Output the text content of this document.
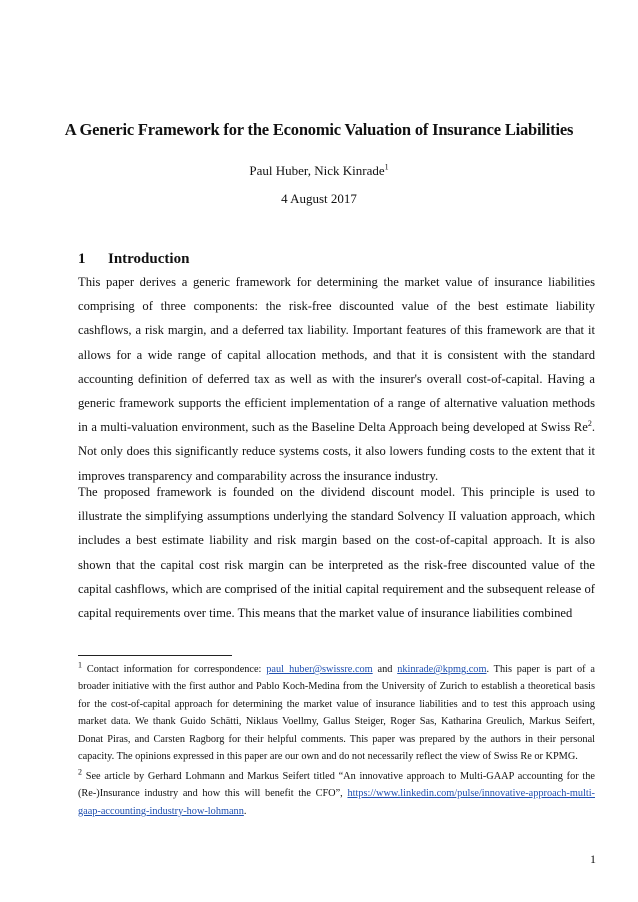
A Generic Framework for the Economic Valuation of Insurance Liabilities
Paul Huber, Nick Kinrade$^1$
4 August 2017
1 Introduction

This paper derives a generic framework for determining the market value of insurance liabilities comprising of three components: the risk-free discounted value of the best estimate liability cashflows, a risk margin, and a deferred tax liability. Important features of this framework are that it allows for a wide range of capital allocation methods, and that it is consistent with the standard accounting definition of deferred tax as well as with the insurer's overall cost-of-capital. Having a generic framework supports the efficient implementation of a range of alternative valuation methods in a multi-valuation environment, such as the Baseline Delta Approach being developed at Swiss Re$^2$. Not only does this significantly reduce systems costs, it also lowers funding costs to the extent that it improves transparency and comparability across the insurance industry.

The proposed framework is founded on the dividend discount model. This principle is used to illustrate the simplifying assumptions underlying the standard Solvency II valuation approach, which includes a best estimate liability and risk margin based on the cost-of-capital approach. It is also shown that the capital cost risk margin can be interpreted as the risk-free discounted value of the capital cashflows, which are comprised of the initial capital requirement and the subsequent release of capital requirements over time. This means that the market value of insurance liabilities combined

$^1$ Contact information for correspondence: paul_huber@swissre.com and nkinrade@kpmg.com. This paper is part of a broader initiative with the first author and Pablo Koch-Medina from the University of Zurich to establish a theoretical basis for the cost-of-capital approach for determining the market value of insurance liabilities and to test this approach using market data. We thank Guido Schätti, Niklaus Voellmy, Gallus Steiger, Roger Sas, Katharina Greulich, Markus Seifert, Donat Piras, and Carsten Ragborg for their helpful comments. This paper was prepared by the authors in their personal capacity. The opinions expressed in this paper are our own and do not necessarily reflect the view of Swiss Re or KPMG.

$^2$ See article by Gerhard Lohmann and Markus Seifert titled “An innovative approach to Multi-GAAP accounting for the (Re-)Insurance industry and how this will benefit the CFO”, https://www.linkedin.com/pulse/innovative-approach-multi-gaap-accounting-industry-how-lohmann.

1
